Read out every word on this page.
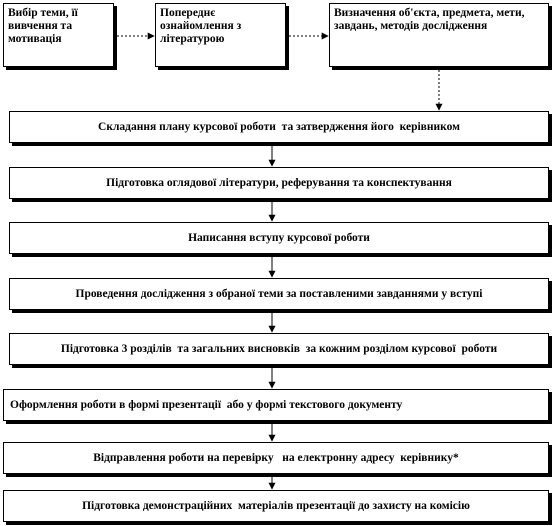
Вибір теми, її вивчення та мотивація
Попереднє ознайомлення з літературою
Визначення об'єкта, предмета, мети, завдань, методів дослідження
Складання плану курсової роботи  та затвердження його  керівником
Підготовка оглядової літератури, реферування та конспектування
Написання вступу курсової роботи
Проведення дослідження з обраної теми за поставленими завданнями у вступі
Підготовка 3 розділів  та загальних висновків  за кожним розділом курсової  роботи
Оформлення роботи в формі презентації  або у формі текстового документу
Відправлення роботи на перевірку   на електронну адресу  керівнику*
Підготовка демонстраційних  матеріалів презентації до захисту на комісію
